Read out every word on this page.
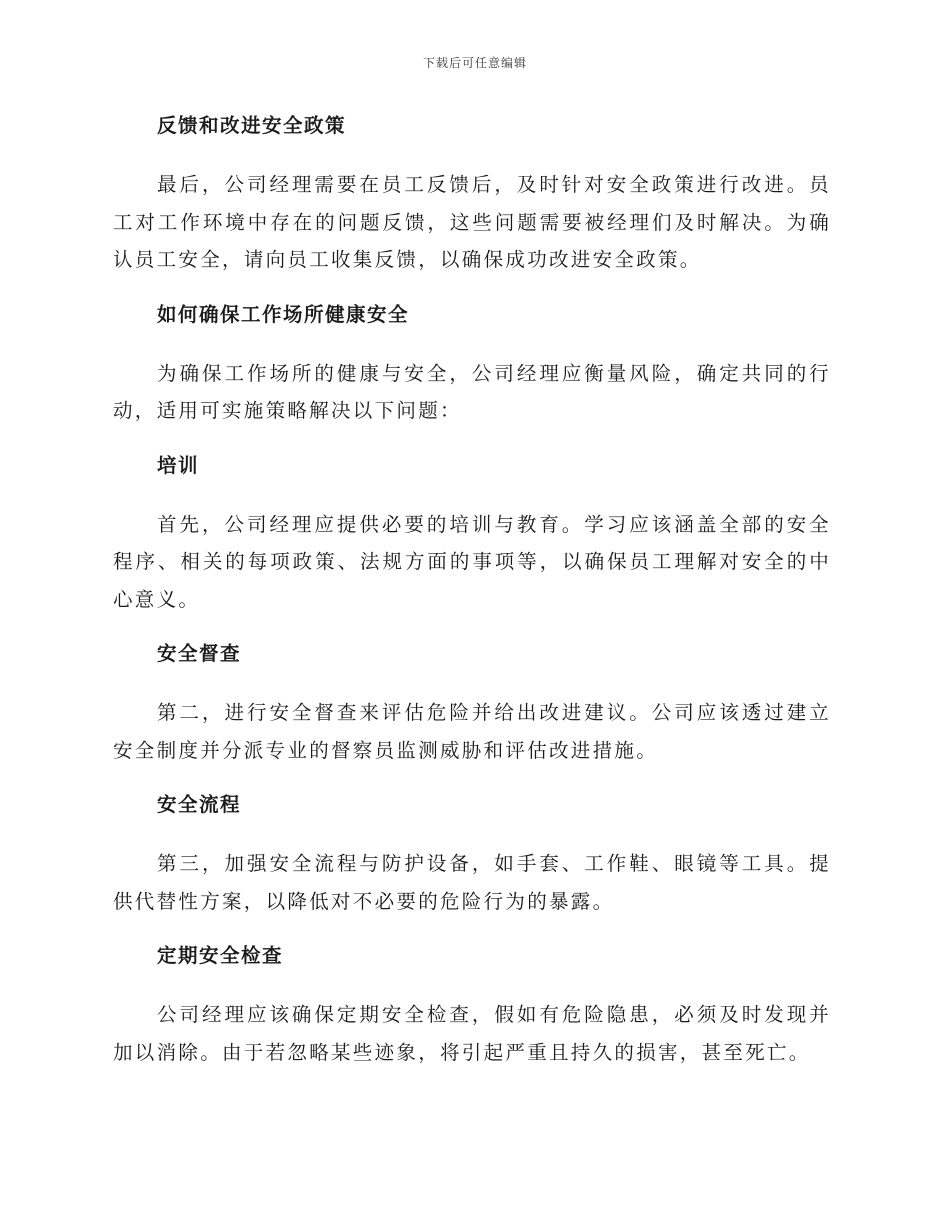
下载后可任意编辑
反馈和改进安全政策

最后，公司经理需要在员工反馈后，及时针对安全政策进行改进。员工对工作环境中存在的问题反馈，这些问题需要被经理们及时解决。为确认员工安全，请向员工收集反馈，以确保成功改进安全政策。

如何确保工作场所健康安全

为确保工作场所的健康与安全，公司经理应衡量风险，确定共同的行动，适用可实施策略解决以下问题：

培训

首先，公司经理应提供必要的培训与教育。学习应该涵盖全部的安全程序、相关的每项政策、法规方面的事项等，以确保员工理解对安全的中心意义。

安全督查

第二，进行安全督查来评估危险并给出改进建议。公司应该透过建立安全制度并分派专业的督察员监测威胁和评估改进措施。

安全流程

第三，加强安全流程与防护设备，如手套、工作鞋、眼镜等工具。提供代替性方案，以降低对不必要的危险行为的暴露。

定期安全检查

公司经理应该确保定期安全检查，假如有危险隐患，必须及时发现并加以消除。由于若忽略某些迹象，将引起严重且持久的损害，甚至死亡。
